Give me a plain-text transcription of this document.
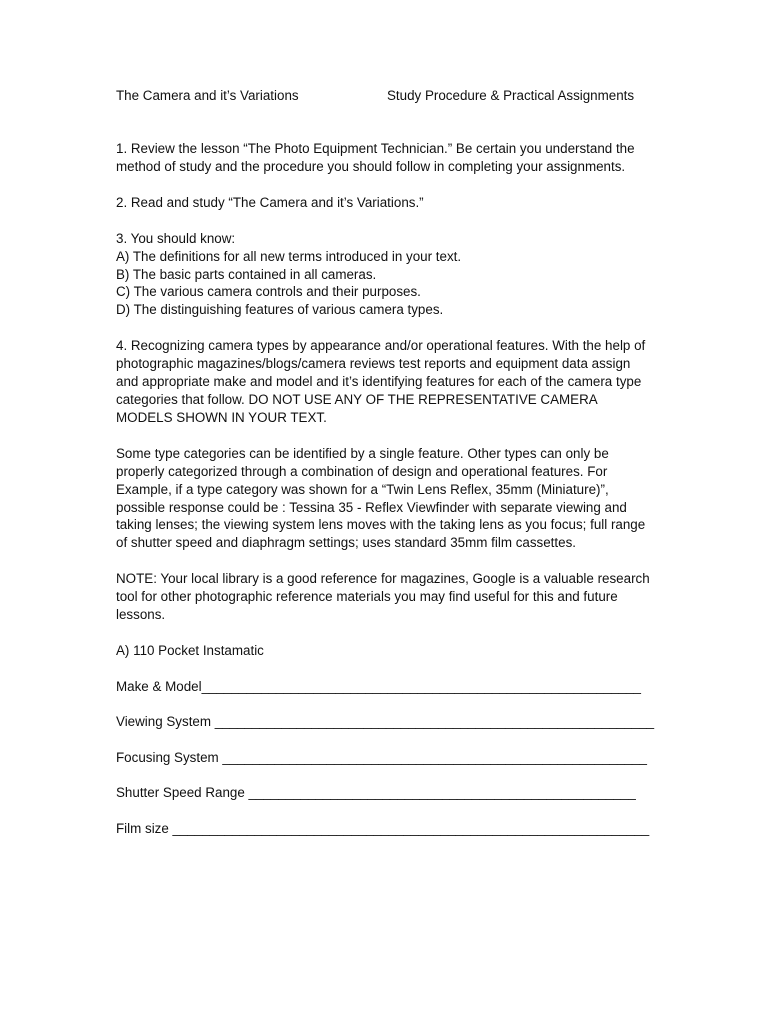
The Camera and it’s Variations	Study Procedure & Practical Assignments

1. Review the lesson “The Photo Equipment Technician.” Be certain you understand the method of study and the procedure you should follow in completing your assignments.

2. Read and study “The Camera and it’s Variations.”

3. You should know:

A) The definitions for all new terms introduced in your text.

B) The basic parts contained in all cameras.

C) The various camera controls and their purposes.

D) The distinguishing features of various camera types.

4. Recognizing camera types by appearance and/or operational features. With the help of photographic magazines/blogs/camera reviews test reports and equipment data assign and appropriate make and model and it’s identifying features for each of the camera type categories that follow. DO NOT USE ANY OF THE REPRESENTATIVE CAMERA MODELS SHOWN IN YOUR TEXT.

Some type categories can be identified by a single feature. Other types can only be properly categorized through a combination of design and operational features. For Example, if a type category was shown for a “Twin Lens Reflex, 35mm (Miniature)”, possible response could be : Tessina 35 - Reflex Viewfinder with separate viewing and taking lenses; the viewing system lens moves with the taking lens as you focus; full range of shutter speed and diaphragm settings; uses standard 35mm film cassettes.

NOTE: Your local library is a good reference for magazines, Google is a valuable research tool for other photographic reference materials you may find useful for this and future lessons.

A) 110 Pocket Instamatic

Make & Model___________________________________________________________
Viewing System ___________________________________________________________
Focusing System _________________________________________________________
Shutter Speed Range ____________________________________________________
Film size ________________________________________________________________
